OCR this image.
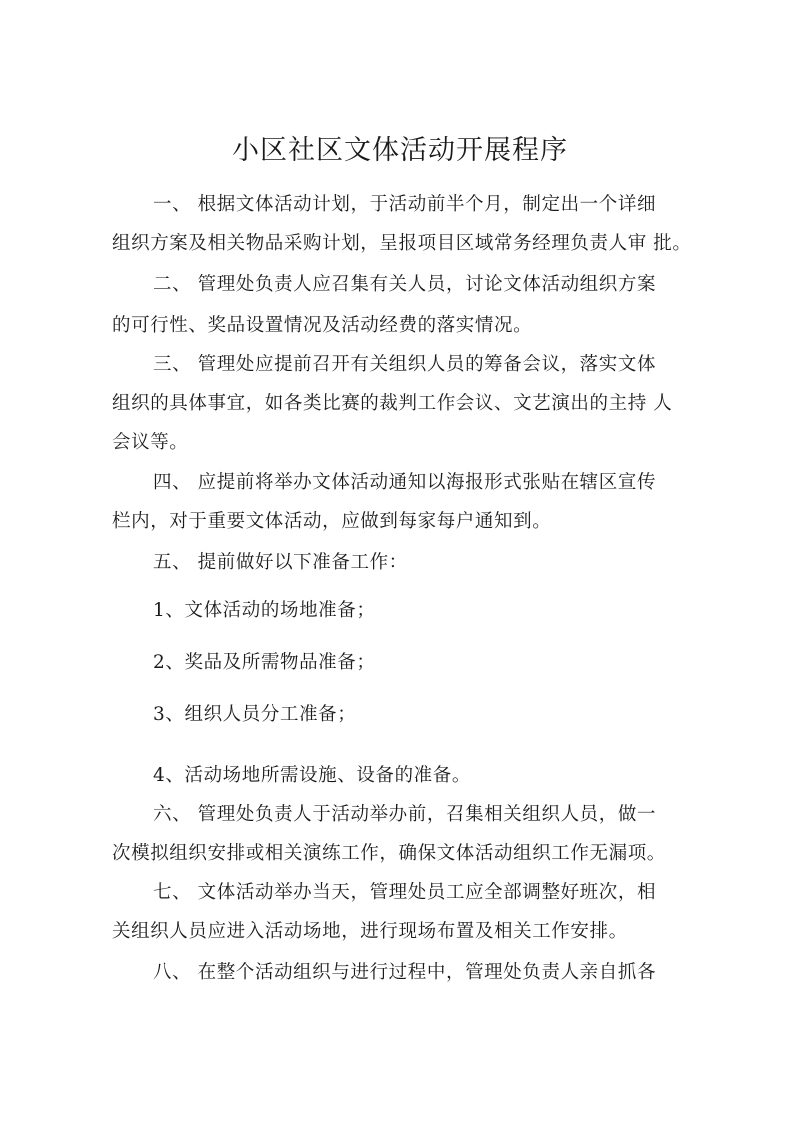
小区社区文体活动开展程序

一、 根据文体活动计划，于活动前半个月，制定出一个详细

组织方案及相关物品采购计划，呈报项目区域常务经理负责人审 批。

二、 管理处负责人应召集有关人员，讨论文体活动组织方案

的可行性、奖品设置情况及活动经费的落实情况。

三、 管理处应提前召开有关组织人员的筹备会议，落实文体

组织的具体事宜，如各类比赛的裁判工作会议、文艺演出的主持 人

会议等。

四、 应提前将举办文体活动通知以海报形式张贴在辖区宣传

栏内，对于重要文体活动，应做到每家每户通知到。

五、 提前做好以下准备工作：

1、文体活动的场地准备；

2、奖品及所需物品准备；

3、组织人员分工准备；

4、活动场地所需设施、设备的准备。

六、 管理处负责人于活动举办前，召集相关组织人员，做一

次模拟组织安排或相关演练工作，确保文体活动组织工作无漏项。

七、 文体活动举办当天，管理处员工应全部调整好班次，相

关组织人员应进入活动场地，进行现场布置及相关工作安排。

八、 在整个活动组织与进行过程中，管理处负责人亲自抓各
